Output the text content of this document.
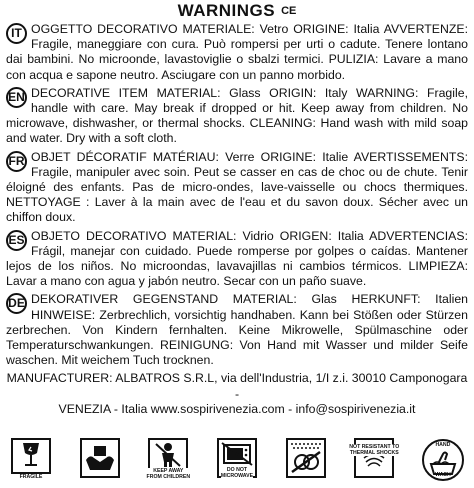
WARNINGS CE
IT OGGETTO DECORATIVO MATERIALE: Vetro ORIGINE: Italia AVVERTENZE: Fragile, maneggiare con cura. Può rompersi per urti o cadute. Tenere lontano dai bambini. No microonde, lavastoviglie o sbalzi termici. PULIZIA: Lavare a mano con acqua e sapone neutro. Asciugare con un panno morbido.
EN DECORATIVE ITEM MATERIAL: Glass ORIGIN: Italy WARNING: Fragile, handle with care. May break if dropped or hit. Keep away from children. No microwave, dishwasher, or thermal shocks. CLEANING: Hand wash with mild soap and water. Dry with a soft cloth.
FR OBJET DÉCORATIF MATÉRIAU: Verre ORIGINE: Italie AVERTISSEMENTS: Fragile, manipuler avec soin. Peut se casser en cas de choc ou de chute. Tenir éloigné des enfants. Pas de micro-ondes, lave-vaisselle ou chocs thermiques. NETTOYAGE : Laver à la main avec de l'eau et du savon doux. Sécher avec un chiffon doux.
ES OBJETO DECORATIVO MATERIAL: Vidrio ORIGEN: Italia ADVERTENCIAS: Frágil, manejar con cuidado. Puede romperse por golpes o caídas. Mantener lejos de los niños. No microondas, lavavajillas ni cambios térmicos. LIMPIEZA: Lavar a mano con agua y jabón neutro. Secar con un paño suave.
DE DEKORATIVER GEGENSTAND MATERIAL: Glas HERKUNFT: Italien HINWEISE: Zerbrechlich, vorsichtig handhaben. Kann bei Stößen oder Stürzen zerbrechen. Von Kindern fernhalten. Keine Mikrowelle, Spülmaschine oder Temperaturschwankungen. REINIGUNG: Von Hand mit Wasser und milder Seife waschen. Mit weichem Tuch trocknen.
MANUFACTURER: ALBATROS S.R.L, via dell'Industria, 1/I z.i. 30010 Camponogara -
VENEZIA - Italia www.sospirivenezia.com - info@sospirivenezia.it
FRAGILE
KEEP AWAY
FROM CHILDREN
DO NOT
MICROWAVE
NOT RESISTANT TO
THERMAL SHOCKS
HAND
WASH
